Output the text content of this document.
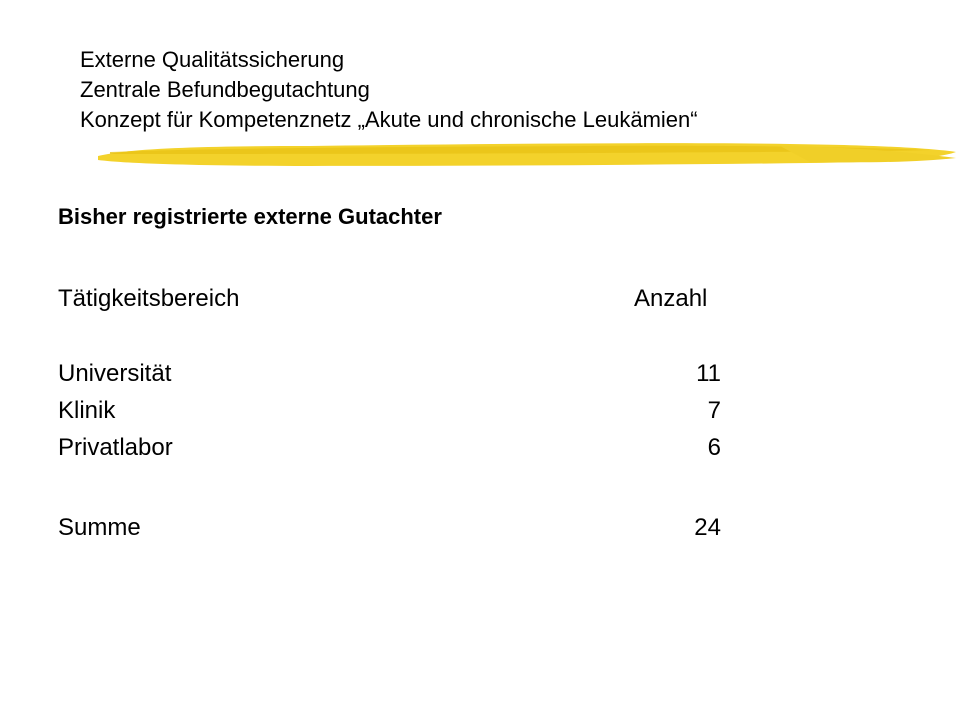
Externe Qualitätssicherung
Zentrale Befundbegutachtung
Konzept für Kompetenznetz „Akute und chronische Leukämien“
Bisher registrierte externe Gutachter
Tätigkeitsbereich	Anzahl
Universität	11
Klinik	7
Privatlabor	6
Summe	24
